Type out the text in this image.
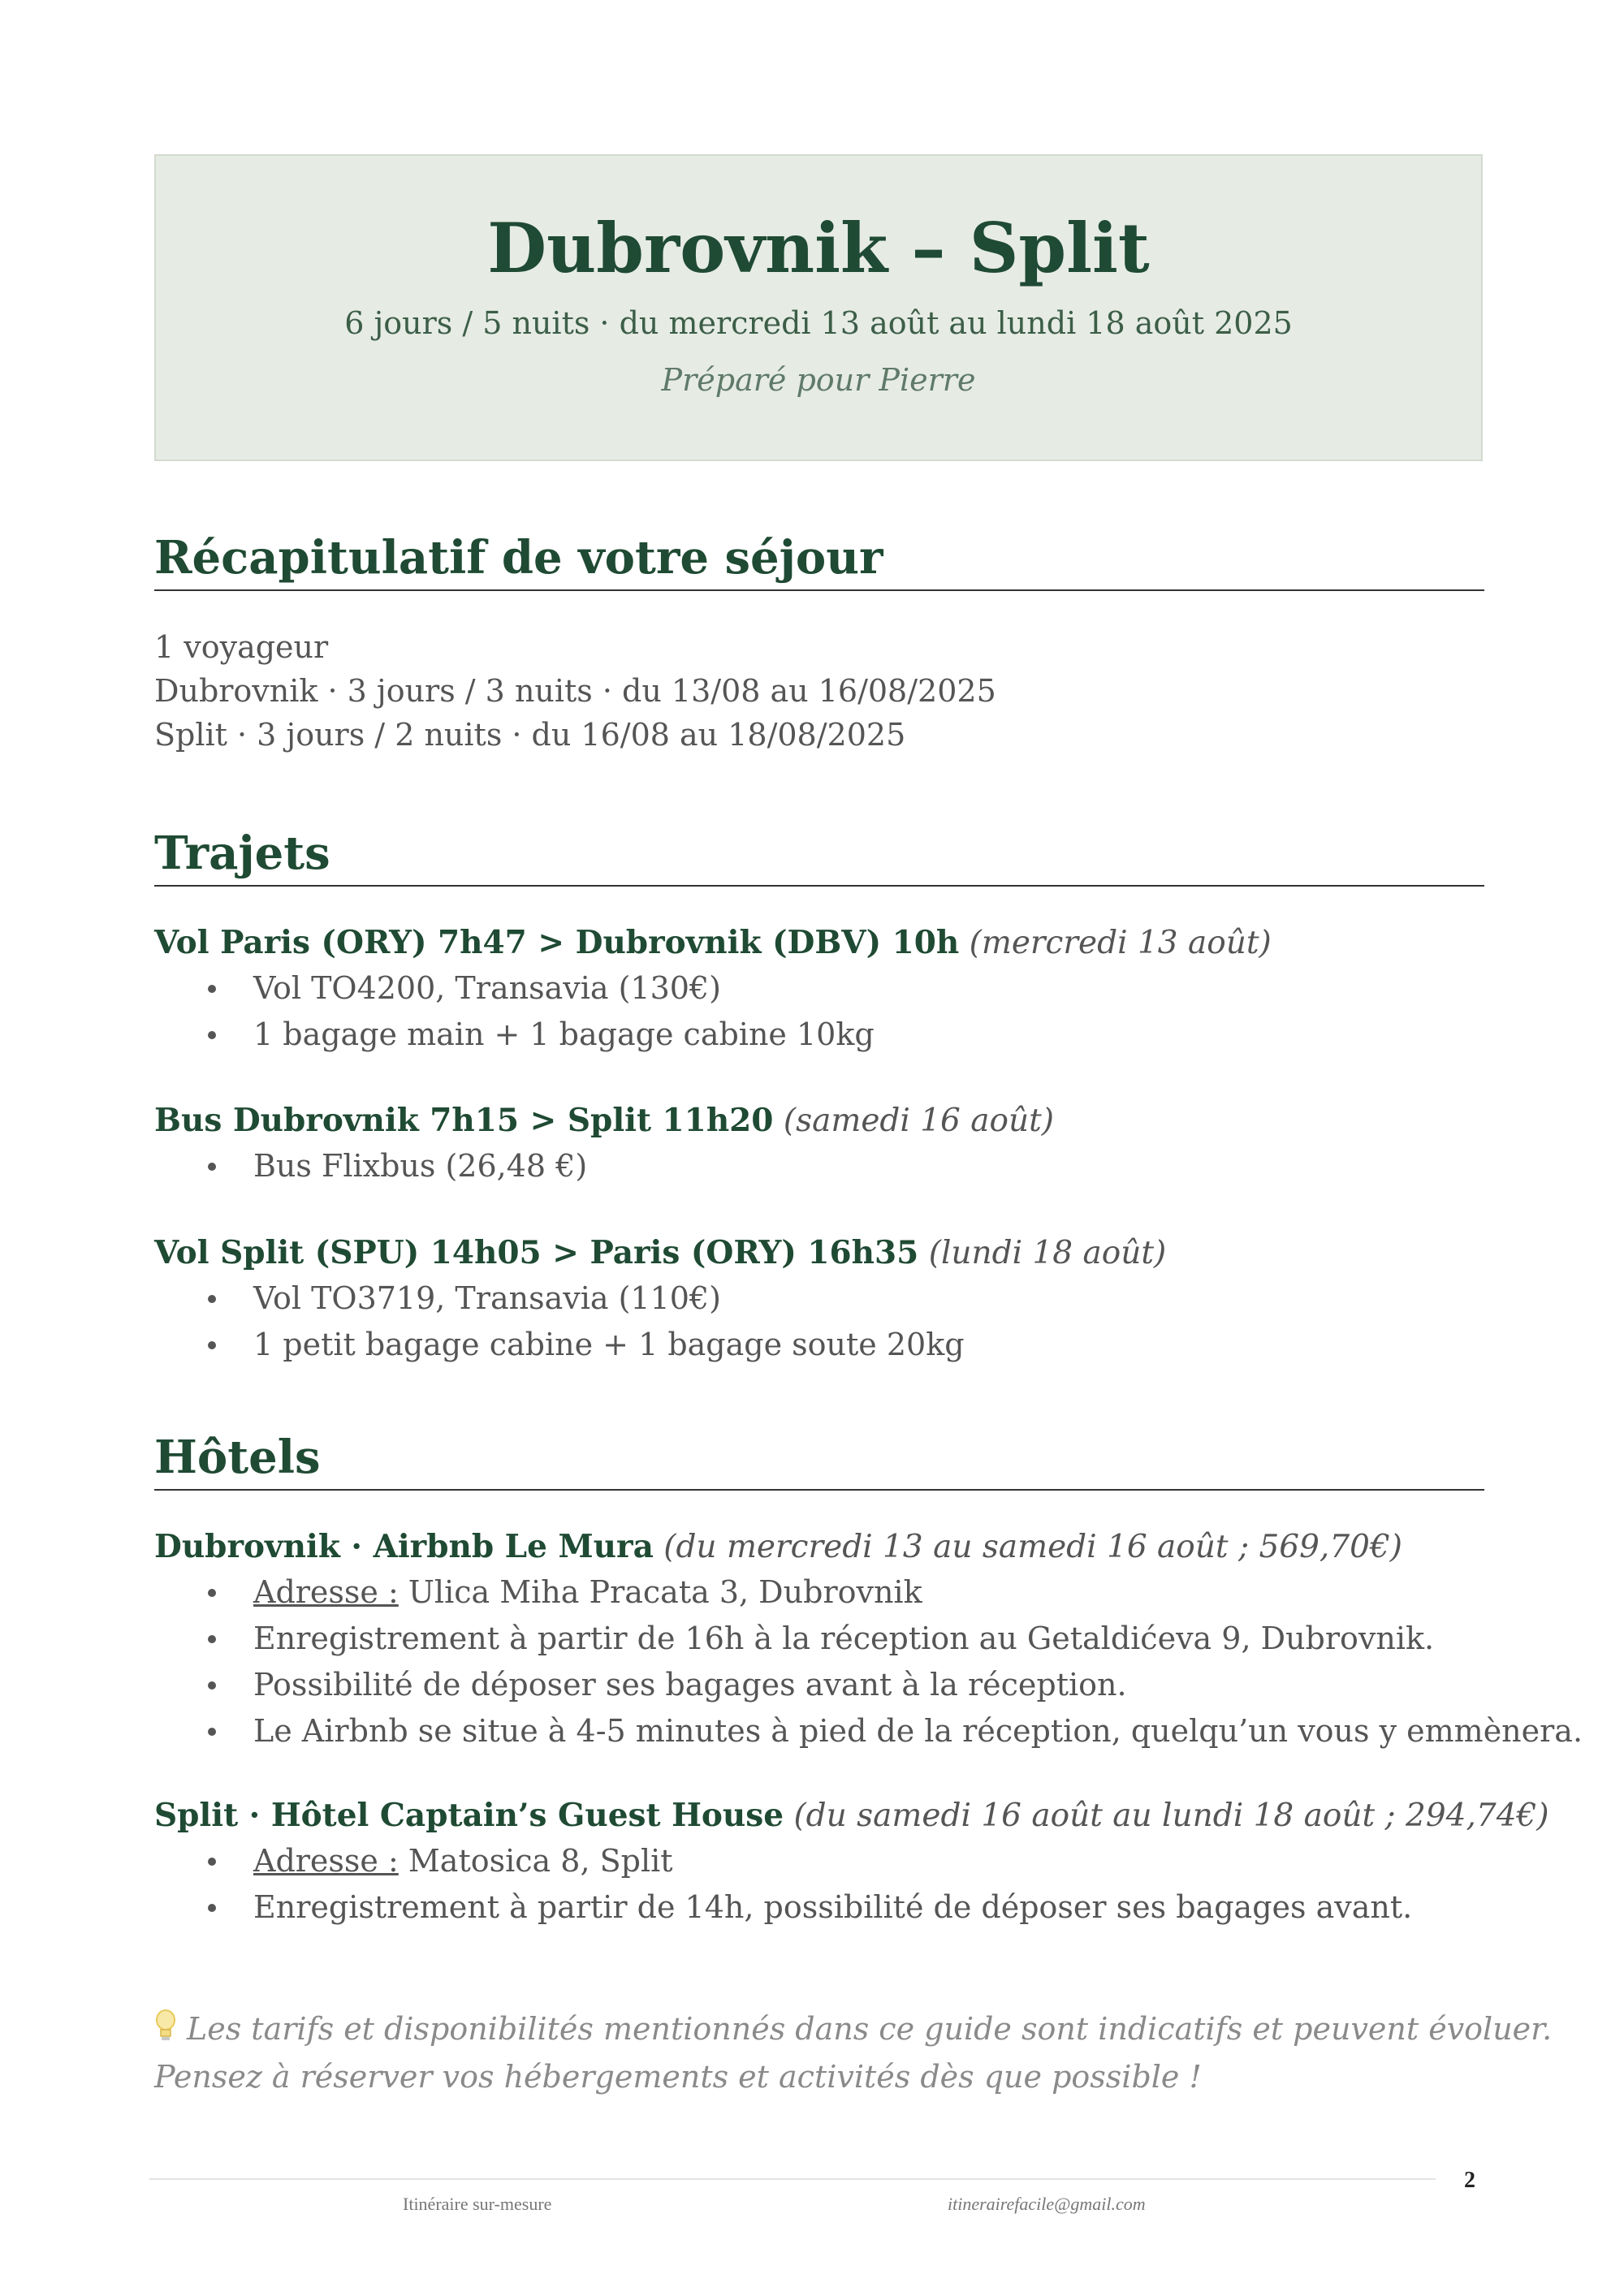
Dubrovnik – Split
6 jours / 5 nuits · du mercredi 13 août au lundi 18 août 2025
Préparé pour Pierre
Récapitulatif de votre séjour
1 voyageur
Dubrovnik · 3 jours / 3 nuits · du 13/08 au 16/08/2025
Split · 3 jours / 2 nuits · du 16/08 au 18/08/2025
Trajets
Vol Paris (ORY) 7h47 > Dubrovnik (DBV) 10h (mercredi 13 août)
Vol TO4200, Transavia (130€)
1 bagage main + 1 bagage cabine 10kg
Bus Dubrovnik 7h15 > Split 11h20 (samedi 16 août)
Bus Flixbus (26,48 €)
Vol Split (SPU) 14h05 > Paris (ORY) 16h35 (lundi 18 août)
Vol TO3719, Transavia (110€)
1 petit bagage cabine + 1 bagage soute 20kg
Hôtels
Dubrovnik · Airbnb Le Mura (du mercredi 13 au samedi 16 août ; 569,70€)
Adresse : Ulica Miha Pracata 3, Dubrovnik
Enregistrement à partir de 16h à la réception au Getaldićeva 9, Dubrovnik.
Possibilité de déposer ses bagages avant à la réception.
Le Airbnb se situe à 4-5 minutes à pied de la réception, quelqu’un vous y emmènera.
Split · Hôtel Captain’s Guest House (du samedi 16 août au lundi 18 août ; 294,74€)
Adresse : Matosica 8, Split
Enregistrement à partir de 14h, possibilité de déposer ses bagages avant.
Les tarifs et disponibilités mentionnés dans ce guide sont indicatifs et peuvent évoluer.
Pensez à réserver vos hébergements et activités dès que possible !
Itinéraire sur-mesure	itinerairefacile@gmail.com
2
